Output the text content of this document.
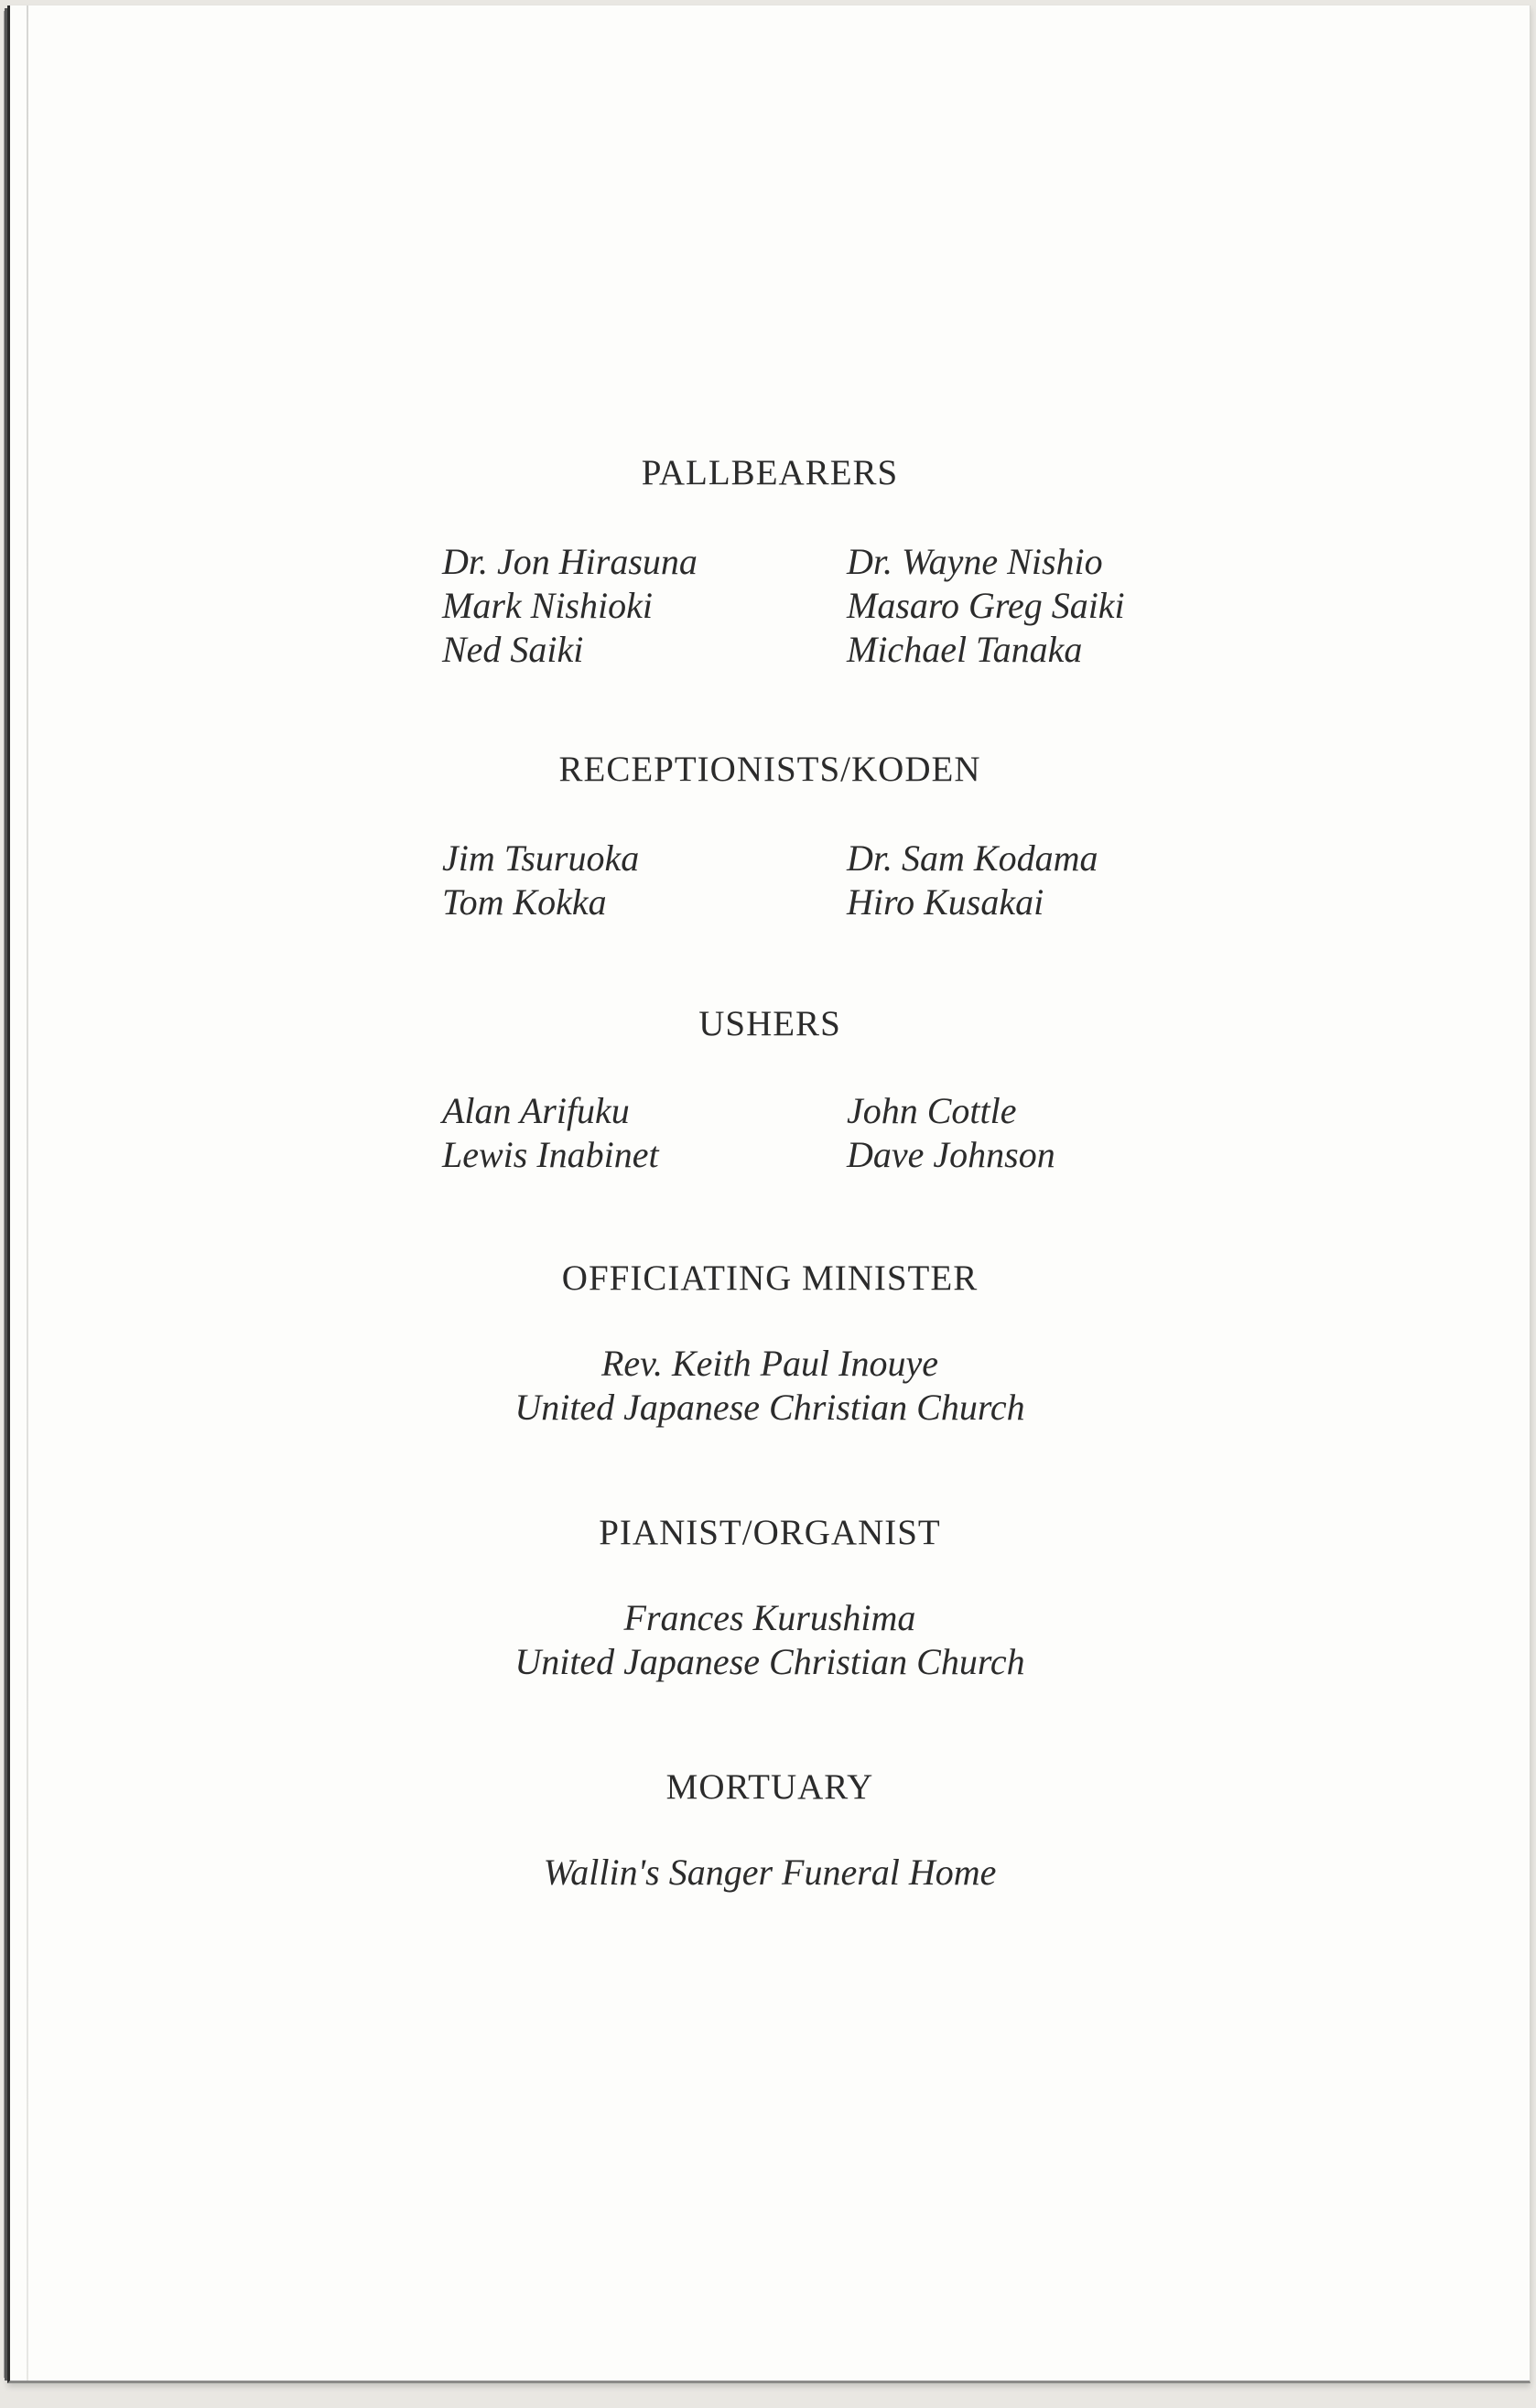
PALLBEARERS
Dr. Jon Hirasuna
Mark Nishioki
Ned Saiki
Dr. Wayne Nishio
Masaro Greg Saiki
Michael Tanaka
RECEPTIONISTS/KODEN
Jim Tsuruoka
Tom Kokka
Dr. Sam Kodama
Hiro Kusakai
USHERS
Alan Arifuku
Lewis Inabinet
John Cottle
Dave Johnson
OFFICIATING MINISTER
Rev. Keith Paul Inouye
United Japanese Christian Church
PIANIST/ORGANIST
Frances Kurushima
United Japanese Christian Church
MORTUARY
Wallin's Sanger Funeral Home
